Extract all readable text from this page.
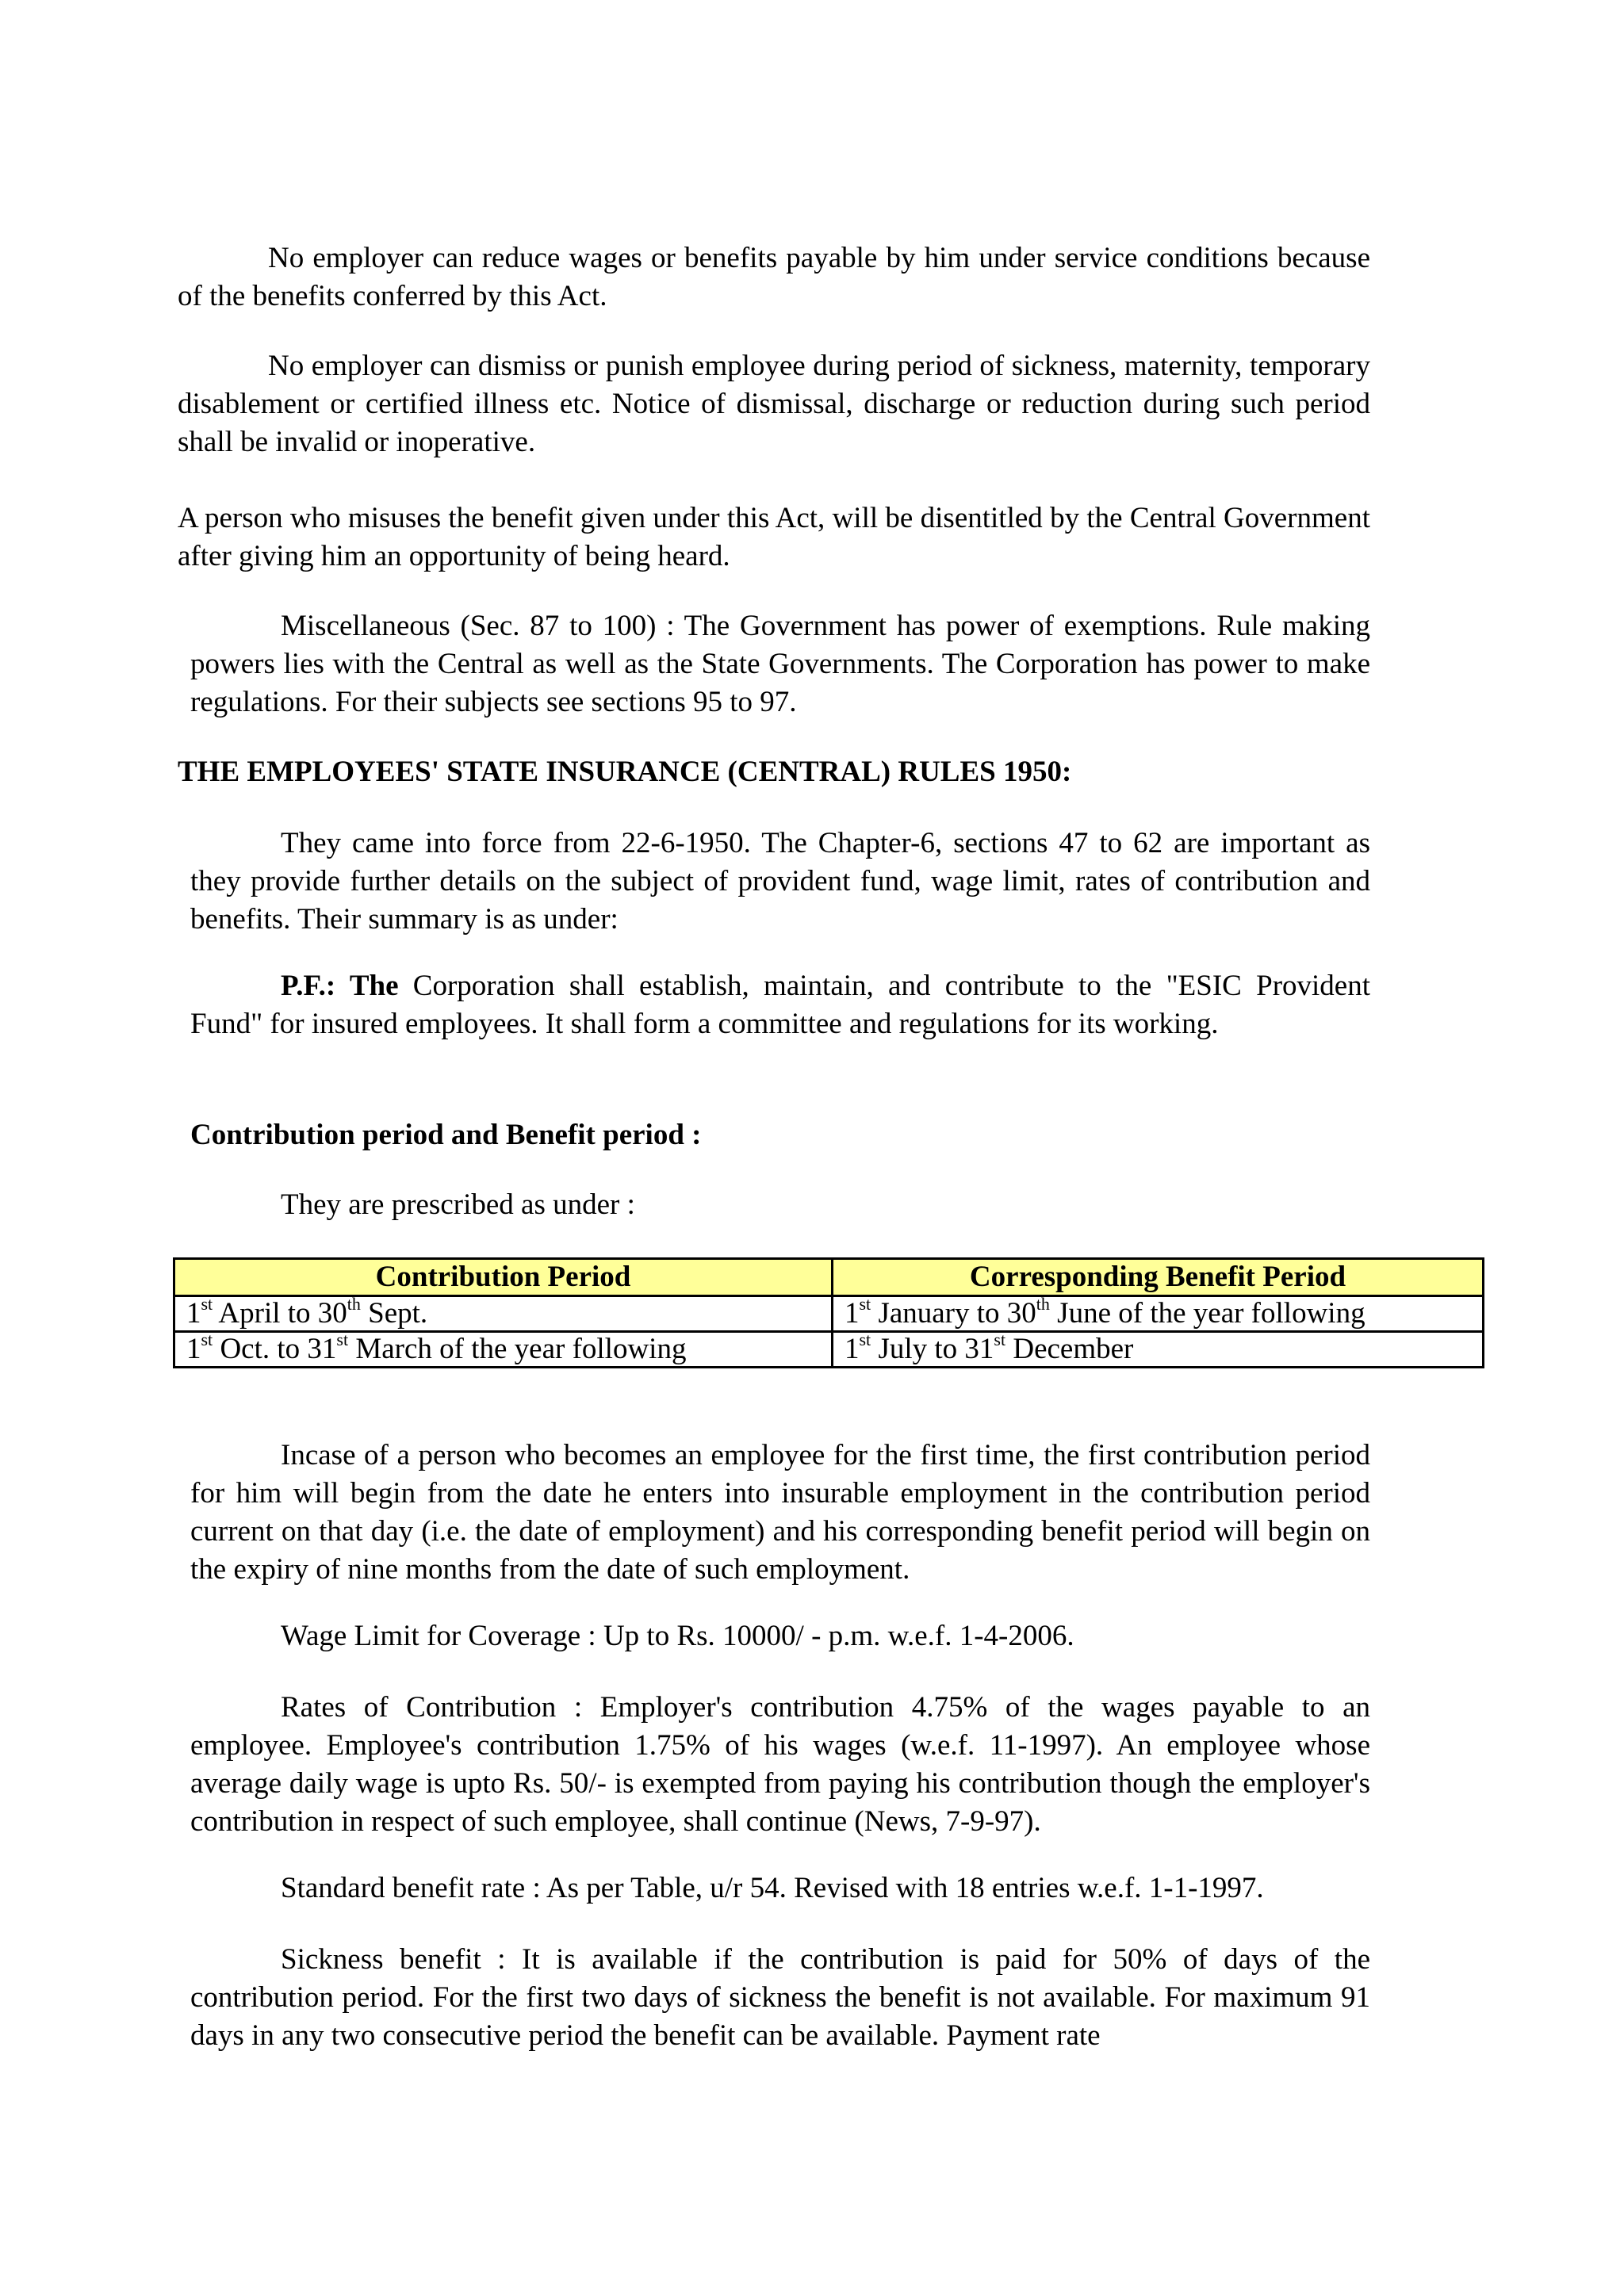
No employer can reduce wages or benefits payable by him under service conditions because of the benefits conferred by this Act.

No employer can dismiss or punish employee during period of sickness, maternity, temporary disablement or certified illness etc. Notice of dismissal, discharge or reduction during such period shall be invalid or inoperative.

A person who misuses the benefit given under this Act, will be disentitled by the Central Government after giving him an opportunity of being heard.

Miscellaneous (Sec. 87 to 100) : The Government has power of exemptions. Rule making powers lies with the Central as well as the State Governments. The Corporation has power to make regulations. For their subjects see sections 95 to 97.

THE EMPLOYEES' STATE INSURANCE (CENTRAL) RULES 1950:

They came into force from 22-6-1950. The Chapter-6, sections 47 to 62 are important as they provide further details on the subject of provident fund, wage limit, rates of contribution and benefits. Their summary is as under:

P.F.: The Corporation shall establish, maintain, and contribute to the "ESIC Provident Fund" for insured employees. It shall form a committee and regulations for its working.

Contribution period and Benefit period :

They are prescribed as under :

Contribution Period	Corresponding Benefit Period
1st April to 30th Sept.	1st January to 30th June of the year following
1st Oct. to 31st March of the year following	1st July to 31st December

Incase of a person who becomes an employee for the first time, the first contribution period for him will begin from the date he enters into insurable employment in the contribution period current on that day (i.e. the date of employment) and his corresponding benefit period will begin on the expiry of nine months from the date of such employment.

Wage Limit for Coverage : Up to Rs. 10000/ - p.m. w.e.f. 1-4-2006.

Rates of Contribution : Employer's contribution 4.75% of the wages payable to an employee. Employee's contribution 1.75% of his wages (w.e.f. 11-1997). An employee whose average daily wage is upto Rs. 50/- is exempted from paying his contribution though the employer's contribution in respect of such employee, shall continue (News, 7-9-97).

Standard benefit rate : As per Table, u/r 54. Revised with 18 entries w.e.f. 1-1-1997.

Sickness benefit : It is available if the contribution is paid for 50% of days of the contribution period. For the first two days of sickness the benefit is not available. For maximum 91 days in any two consecutive period the benefit can be available. Payment rate
